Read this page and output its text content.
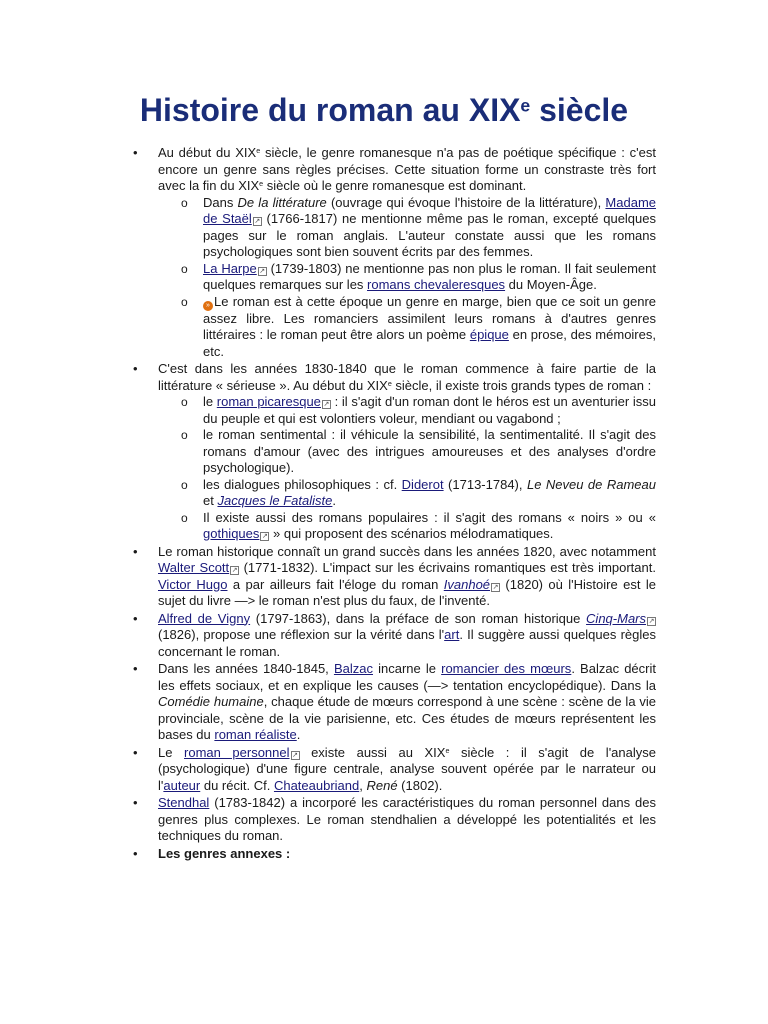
Histoire du roman au XIXe siècle
• Au début du XIXe siècle, le genre romanesque n'a pas de poétique spécifique : c'est encore un genre sans règles précises. Cette situation forme un constraste très fort avec la fin du XIXe siècle où le genre romanesque est dominant.
o Dans De la littérature (ouvrage qui évoque l'histoire de la littérature), Madame de Staël ↗ (1766-1817) ne mentionne même pas le roman, excepté quelques pages sur le roman anglais. L'auteur constate aussi que les romans psychologiques sont bien souvent écrits par des femmes.
o La Harpe ↗ (1739-1803) ne mentionne pas non plus le roman. Il fait seulement quelques remarques sur les romans chevaleresques du Moyen-Âge.
o	» Le roman est à cette époque un genre en marge, bien que ce soit un genre assez libre. Les romanciers assimilent leurs romans à d'autres genres littéraires : le roman peut être alors un poème épique en prose, des mémoires, etc.
• C'est dans les années 1830-1840 que le roman commence à faire partie de la littérature « sérieuse ». Au début du XIXe siècle, il existe trois grands types de roman :
o le roman picaresque ↗ : il s'agit d'un roman dont le héros est un aventurier issu du peuple et qui est volontiers voleur, mendiant ou vagabond ;
o le roman sentimental : il véhicule la sensibilité, la sentimentalité. Il s'agit des romans d'amour (avec des intrigues amoureuses et des analyses d'ordre psychologique).
o les dialogues philosophiques : cf. Diderot (1713-1784), Le Neveu de Rameau et Jacques le Fataliste.
o Il existe aussi des romans populaires : il s'agit des romans « noirs » ou « gothiques ↗ » qui proposent des scénarios mélodramatiques.
• Le roman historique connaît un grand succès dans les années 1820, avec notamment Walter Scott ↗ (1771-1832). L'impact sur les écrivains romantiques est très important. Victor Hugo a par ailleurs fait l'éloge du roman Ivanhoé ↗ (1820) où l'Histoire est le sujet du livre —> le roman n'est plus du faux, de l'inventé.
• Alfred de Vigny (1797-1863), dans la préface de son roman historique Cinq-Mars ↗ (1826), propose une réflexion sur la vérité dans l'art. Il suggère aussi quelques règles concernant le roman.
• Dans les années 1840-1845, Balzac incarne le romancier des mœurs. Balzac décrit les effets sociaux, et en explique les causes (—> tentation encyclopédique). Dans la Comédie humaine, chaque étude de mœurs correspond à une scène : scène de la vie provinciale, scène de la vie parisienne, etc. Ces études de mœurs représentent les bases du roman réaliste.
• Le roman personnel ↗ existe aussi au XIXe siècle : il s'agit de l'analyse (psychologique) d'une figure centrale, analyse souvent opérée par le narrateur ou l'auteur du récit. Cf. Chateaubriand, René (1802).
• Stendhal (1783-1842) a incorporé les caractéristiques du roman personnel dans des genres plus complexes. Le roman stendhalien a développé les potentialités et les techniques du roman.
• Les genres annexes :
